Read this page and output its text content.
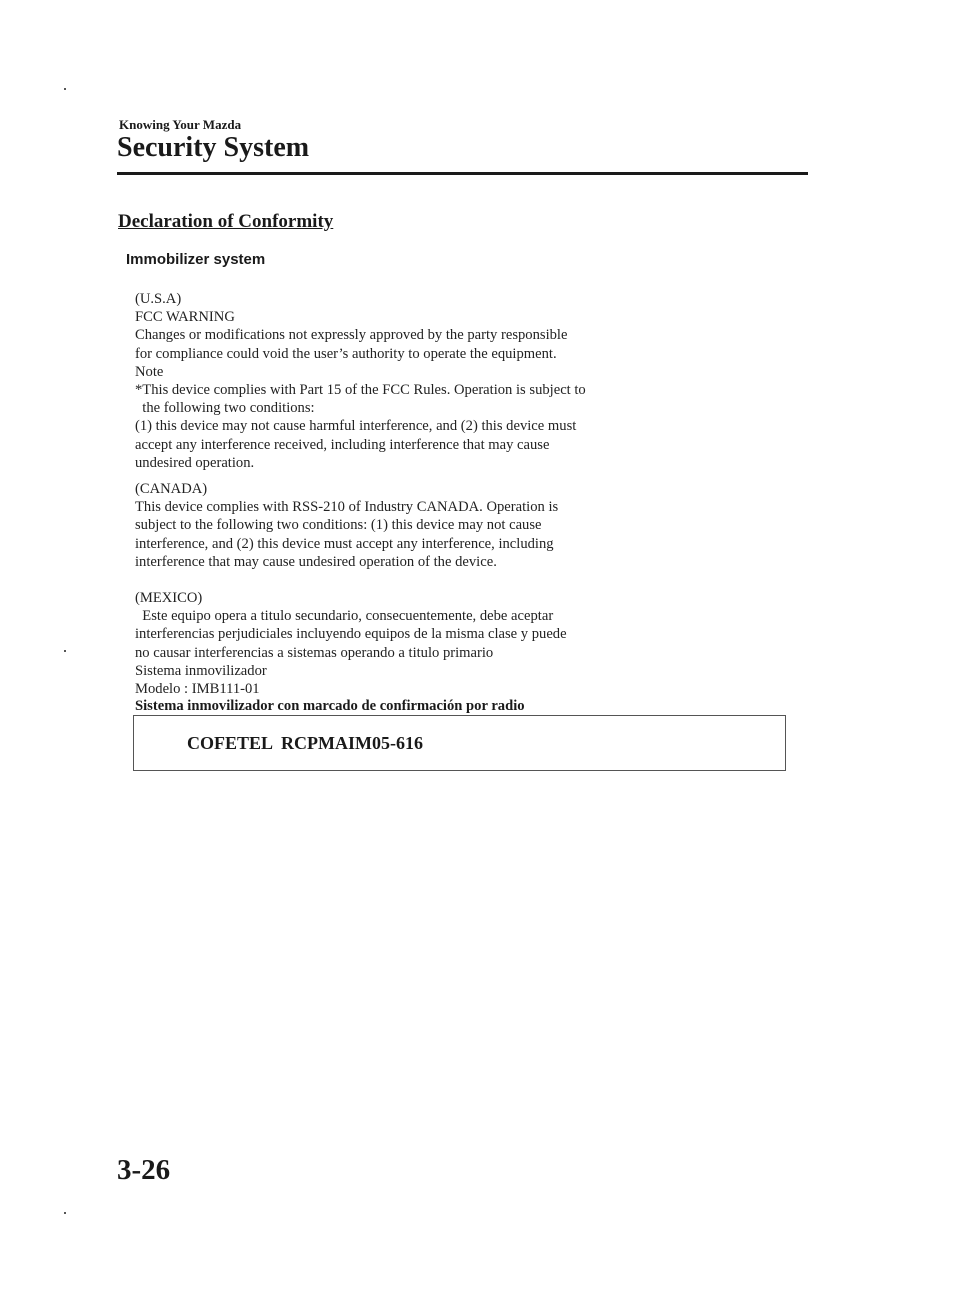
Knowing Your Mazda

Security System
Declaration of Conformity
Immobilizer system

(U.S.A)
FCC WARNING
Changes or modifications not expressly approved by the party responsible
for compliance could void the user’s authority to operate the equipment.
Note
*This device complies with Part 15 of the FCC Rules. Operation is subject to
the following two conditions:
(1) this device may not cause harmful interference, and (2) this device must
accept any interference received, including interference that may cause
undesired operation.

(CANADA)
This device complies with RSS-210 of Industry CANADA. Operation is
subject to the following two conditions: (1) this device may not cause
interference, and (2) this device must accept any interference, including
interference that may cause undesired operation of the device.

(MEXICO)
Este equipo opera a titulo secundario, consecuentemente, debe aceptar
interferencias perjudiciales incluyendo equipos de la misma clase y puede
no causar interferencias a sistemas operando a titulo primario

Sistema inmovilizador
Modelo : IMB111-01

Sistema inmovilizador con marcado de confirmación por radio

COFETEL  RCPMAIM05-616

3-26
